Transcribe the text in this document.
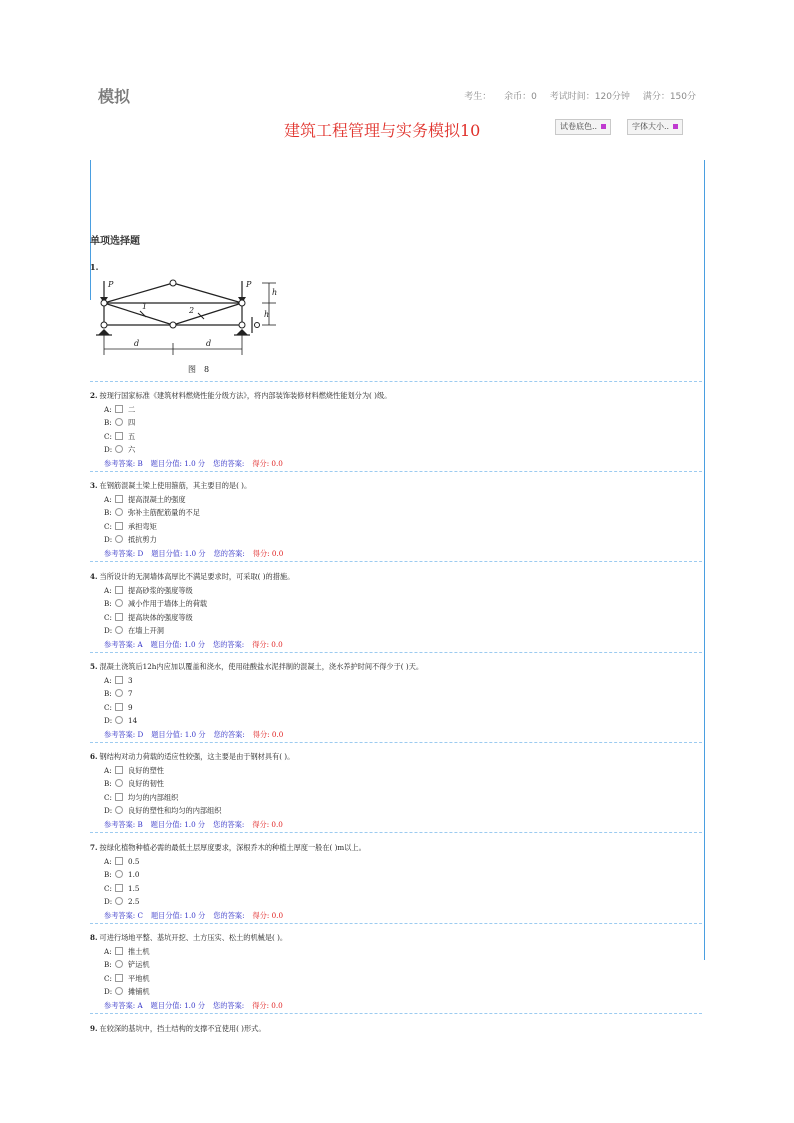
模拟	考生： 余币：0 考试时间：120分钟 满分：150分
建筑工程管理与实务模拟10	试卷底色..	字体大小..
单项选择题
1.
P	P
1	2
h
h
d	d
图　8
2. 按现行国家标准《建筑材料燃烧性能分级方法》，将内部装饰装修材料燃烧性能划分为( )级。
A: 二
B: 四
C: 五
D: 六
参考答案: B 题目分值: 1.0 分 您的答案: 得分: 0.0
3. 在钢筋混凝土梁上使用箍筋，其主要目的是( )。
A: 提高混凝土的强度
B: 弥补主筋配筋量的不足
C: 承担弯矩
D: 抵抗剪力
参考答案: D 题目分值: 1.0 分 您的答案: 得分: 0.0
4. 当所设计的无洞墙体高厚比不满足要求时，可采取( )的措施。
A: 提高砂浆的强度等级
B: 减小作用于墙体上的荷载
C: 提高块体的强度等级
D: 在墙上开洞
参考答案: A 题目分值: 1.0 分 您的答案: 得分: 0.0
5. 混凝土浇筑后12h内应加以覆盖和浇水，使用硅酸盐水泥拌制的混凝土，浇水养护时间不得少于( )天。
A: 3
B: 7
C: 9
D: 14
参考答案: D 题目分值: 1.0 分 您的答案: 得分: 0.0
6. 钢结构对动力荷载的适应性较强，这主要是由于钢材具有( )。
A: 良好的塑性
B: 良好的韧性
C: 均匀的内部组织
D: 良好的塑性和均匀的内部组织
参考答案: B 题目分值: 1.0 分 您的答案: 得分: 0.0
7. 按绿化植物种植必需的最低土层厚度要求，深根乔木的种植土厚度一般在( )m以上。
A: 0.5
B: 1.0
C: 1.5
D: 2.5
参考答案: C 题目分值: 1.0 分 您的答案: 得分: 0.0
8. 可进行场地平整、基坑开挖、土方压实、松土的机械是( )。
A: 推土机
B: 铲运机
C: 平地机
D: 摊铺机
参考答案: A 题目分值: 1.0 分 您的答案: 得分: 0.0
9. 在较深的基坑中，挡土结构的支撑不宜使用( )形式。
